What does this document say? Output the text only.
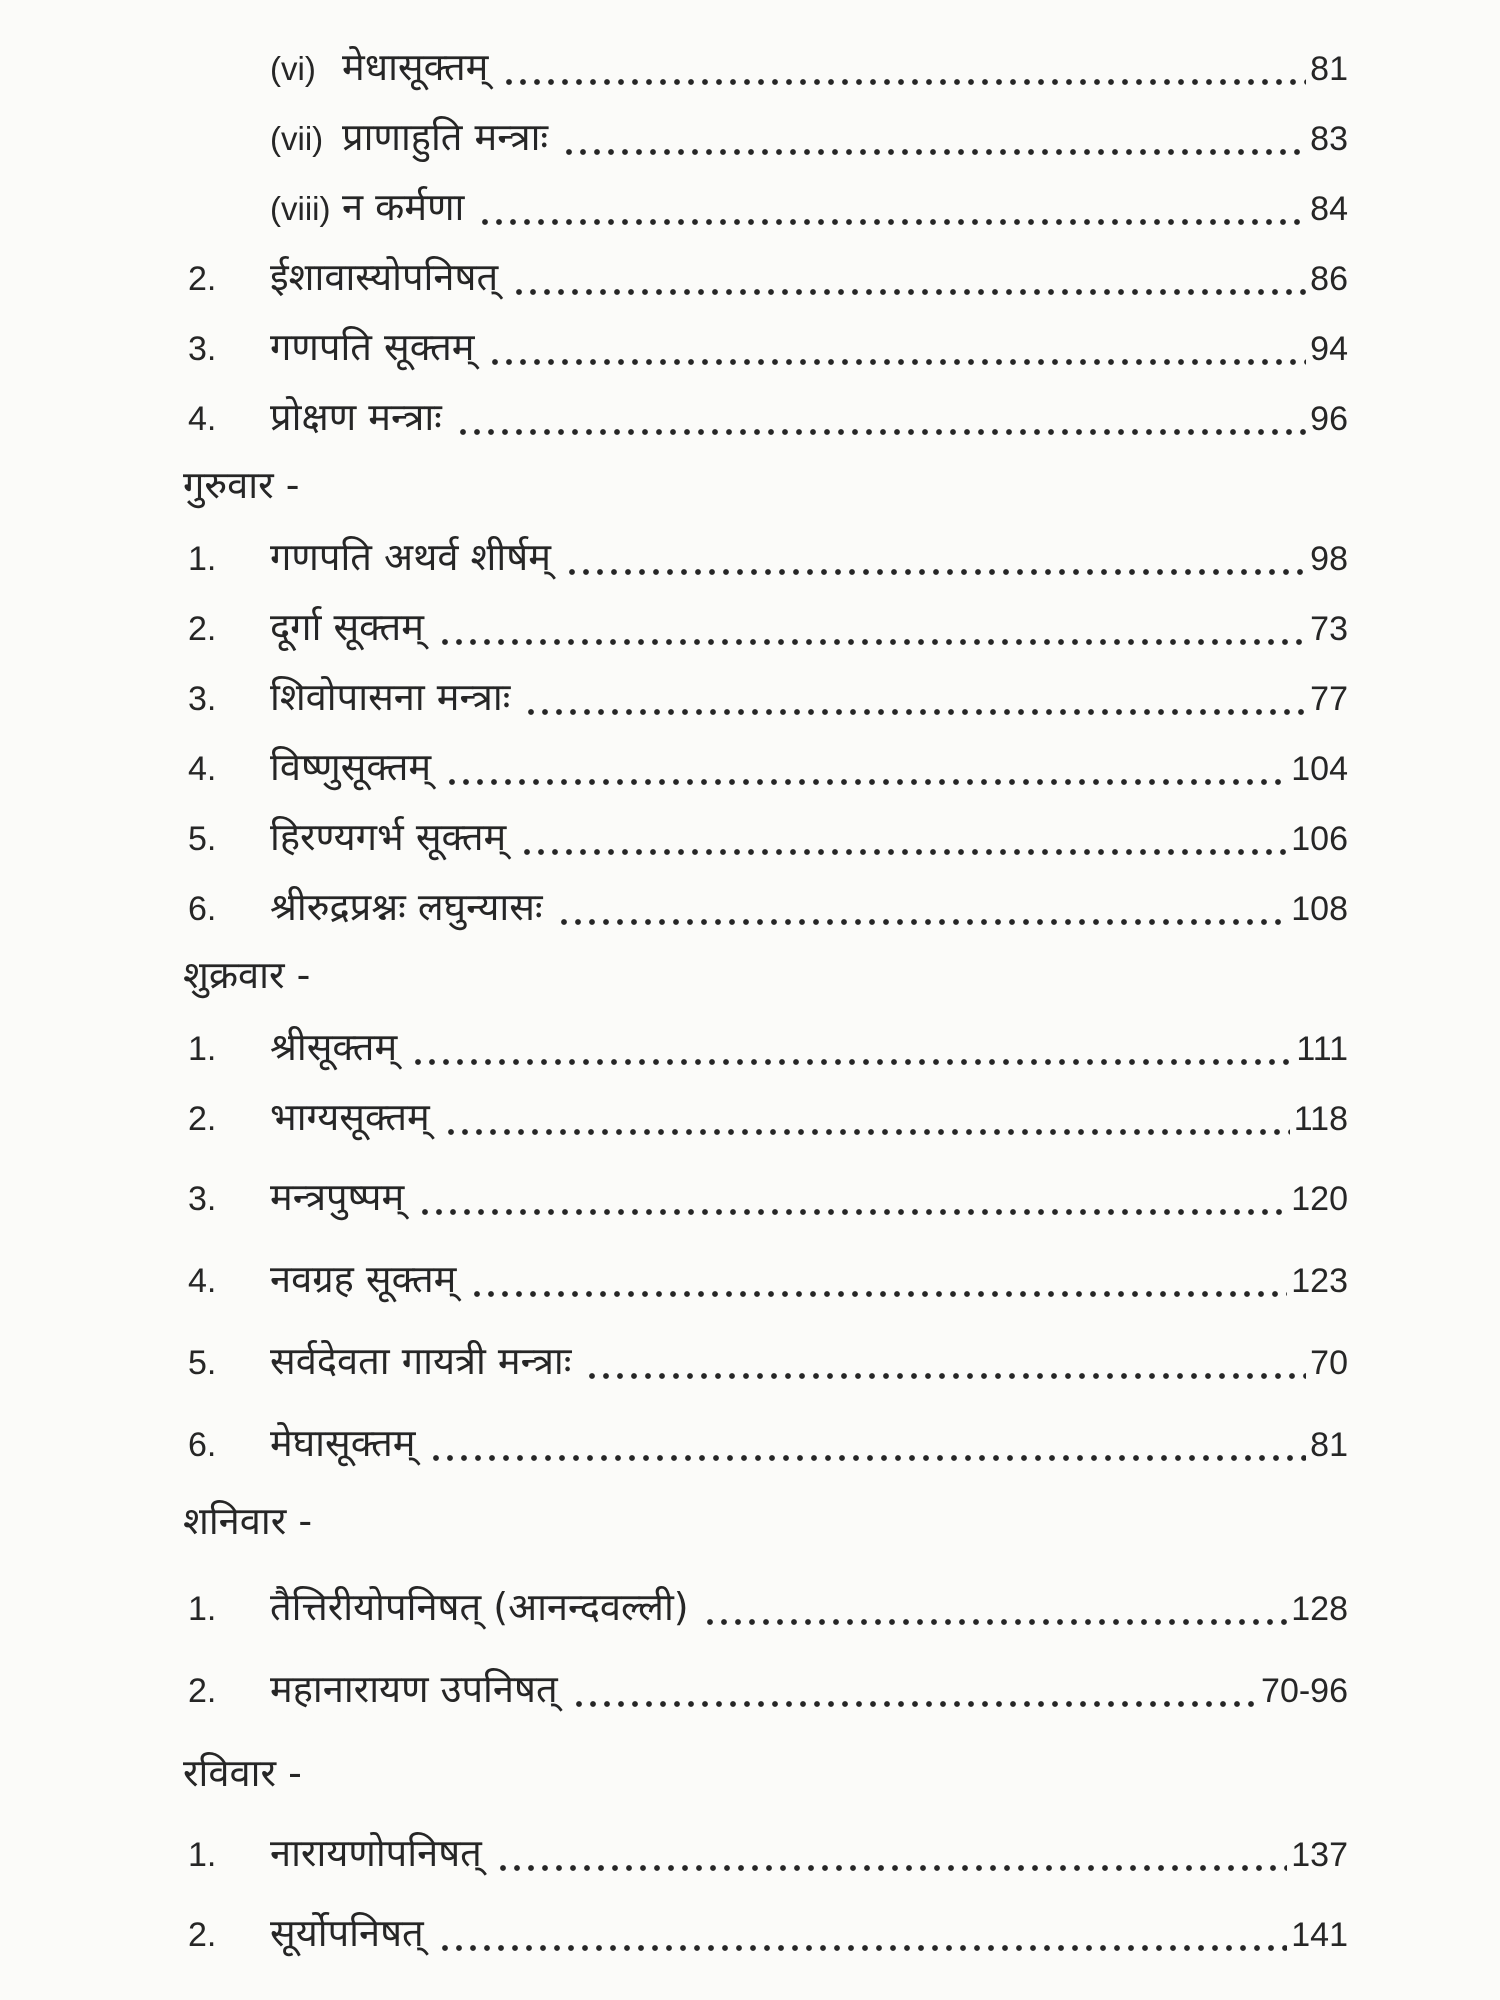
(vi) मेधासूक्तम्	81
(vii) प्राणाहुति मन्त्राः	83
(viii) न कर्मणा	84
2.	ईशावास्योपनिषत्	86
3.	गणपति सूक्तम्	94
4.	प्रोक्षण मन्त्राः	96
गुरुवार -
1.	गणपति अथर्व शीर्षम्	98
2.	दूर्गा सूक्तम्	73
3.	शिवोपासना मन्त्राः	77
4.	विष्णुसूक्तम्	104
5.	हिरण्यगर्भ सूक्तम्	106
6.	श्रीरुद्रप्रश्नः लघुन्यासः	108
शुक्रवार -
1.	श्रीसूक्तम्	111
2.	भाग्यसूक्तम्	118
3.	मन्त्रपुष्पम्	120
4.	नवग्रह सूक्तम्	123
5.	सर्वदेवता गायत्री मन्त्राः	70
6.	मेघासूक्तम्	81
शनिवार -
1.	तैत्तिरीयोपनिषत् (आनन्दवल्ली)	128
2.	महानारायण उपनिषत्	70-96
रविवार -
1.	नारायणोपनिषत्	137
2.	सूर्योपनिषत्	141
